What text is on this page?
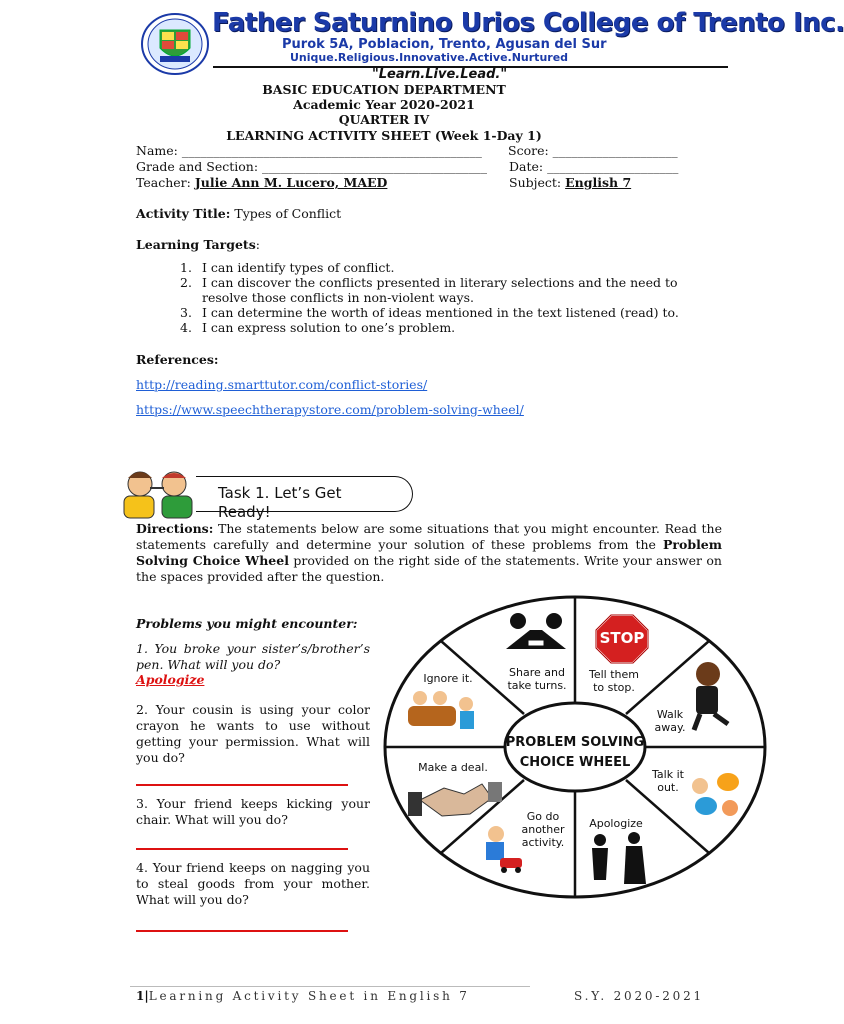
Father Saturnino Urios College of Trento Inc.
Purok 5A, Poblacion, Trento, Agusan del Sur
Unique.Religious.Innovative.Active.Nurtured
"Learn.Live.Lead."
BASIC EDUCATION DEPARTMENT
Academic Year 2020-2021
QUARTER IV
LEARNING ACTIVITY SHEET (Week 1-Day 1)
Name: ________________________________________________ Score: ____________________
Grade and Section: ____________________________________ Date: _____________________
Teacher: Julie Ann M. Lucero, MAED	Subject: English 7
Activity Title: Types of Conflict
Learning Targets:
1. I can identify types of conflict.
2. I can discover the conflicts presented in literary selections and the need to resolve those conflicts in non-violent ways.
3. I can determine the worth of ideas mentioned in the text listened (read) to.
4. I can express solution to one’s problem.
References:
http://reading.smarttutor.com/conflict-stories/
https://www.speechtherapystore.com/problem-solving-wheel/
Task 1. Let’s Get Ready!
Directions: The statements below are some situations that you might encounter. Read the statements carefully and determine your solution of these problems from the Problem Solving Choice Wheel provided on the right side of the statements. Write your answer on the spaces provided after the question.
Problems you might encounter:
1. You broke your sister’s/brother’s pen. What will you do?
Apologize
2. Your cousin is using your color crayon he wants to use without getting your permission. What will you do?
3. Your friend keeps kicking your chair. What will you do?
4. Your friend keeps on nagging you to steal goods from your mother. What will you do?
PROBLEM SOLVING
CHOICE WHEEL
Share and take turns.
STOP
Tell them to stop.
Walk away.
Talk it out.
Apologize
Go do another activity.
Make a deal.
Ignore it.
1|Learning Activity Sheet in English 7	S.Y. 2020-2021
